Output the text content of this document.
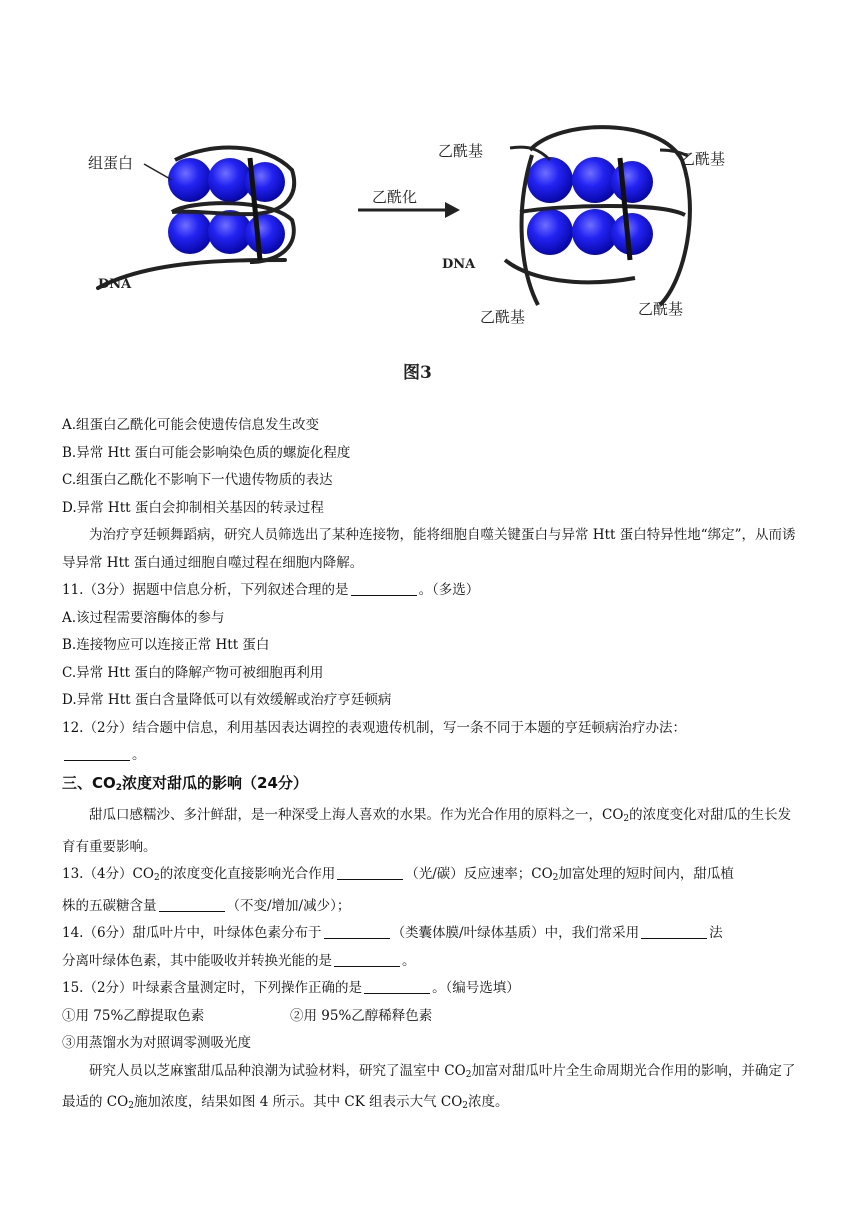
组蛋白
DNA
乙酰化
乙酰基	乙酰基
DNA
乙酰基	乙酰基
图3
A.组蛋白乙酰化可能会使遗传信息发生改变
B.异常 Htt 蛋白可能会影响染色质的螺旋化程度
C.组蛋白乙酰化不影响下一代遗传物质的表达
D.异常 Htt 蛋白会抑制相关基因的转录过程
为治疗亨廷顿舞蹈病，研究人员筛选出了某种连接物，能将细胞自噬关键蛋白与异常 Htt 蛋白特异性地“绑定”，从而诱导异常 Htt 蛋白通过细胞自噬过程在细胞内降解。
11.（3分）据题中信息分析，下列叙述合理的是	。（多选）
A.该过程需要溶酶体的参与
B.连接物应可以连接正常 Htt 蛋白
C.异常 Htt 蛋白的降解产物可被细胞再利用
D.异常 Htt 蛋白含量降低可以有效缓解或治疗亨廷顿病
12.（2分）结合题中信息，利用基因表达调控的表观遗传机制，写一条不同于本题的亨廷顿病治疗办法：
。
三、$CO_2$浓度对甜瓜的影响（24分）
甜瓜口感糯沙、多汁鲜甜，是一种深受上海人喜欢的水果。作为光合作用的原料之一，$CO_2$的浓度变化对甜瓜的生长发育有重要影响。
13.（4分）$CO_2$的浓度变化直接影响光合作用	（光/碳）反应速率；$CO_2$加富处理的短时间内，甜瓜植
株的五碳糖含量	（不变/增加/减少）；
14.（6分）甜瓜叶片中，叶绿体色素分布于	（类囊体膜/叶绿体基质）中，我们常采用	法
分离叶绿体色素，其中能吸收并转换光能的是	。
15.（2分）叶绿素含量测定时，下列操作正确的是	。（编号选填）
①用 75%乙醇提取色素	②用 95%乙醇稀释色素
③用蒸馏水为对照调零测吸光度
研究人员以芝麻蜜甜瓜品种浪潮为试验材料，研究了温室中 $CO_2$加富对甜瓜叶片全生命周期光合作用的影响，并确定了最适的 $CO_2$施加浓度，结果如图 4 所示。其中 CK 组表示大气 $CO_2$浓度。
